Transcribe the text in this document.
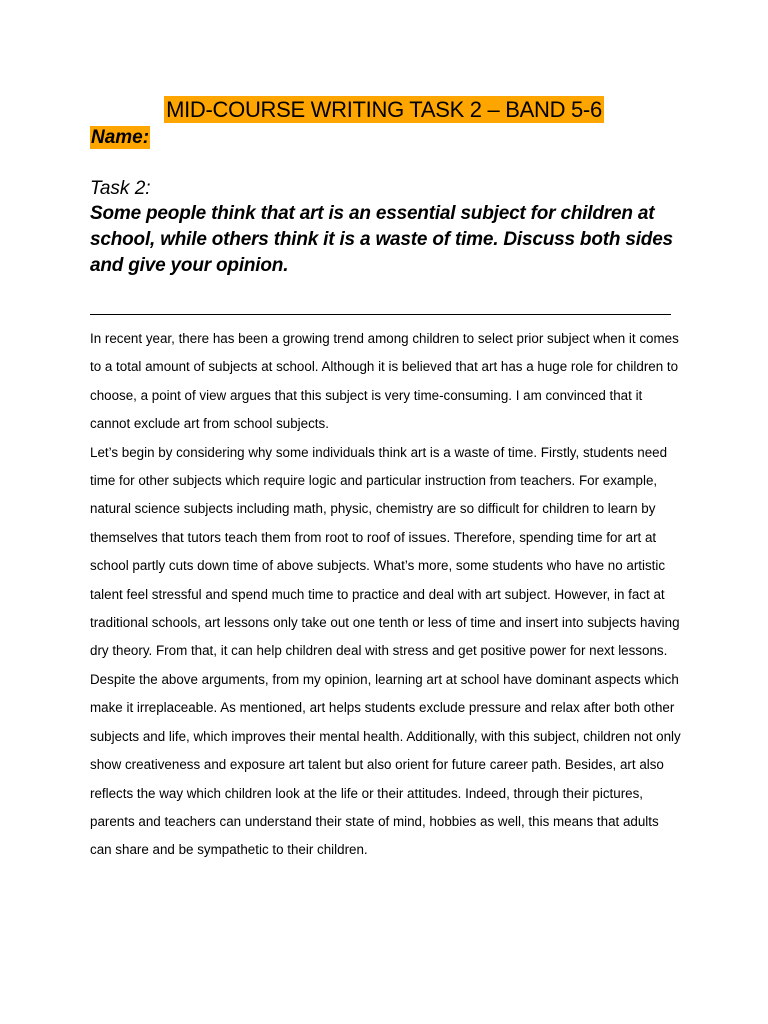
MID-COURSE WRITING TASK 2 – BAND 5-6
Name:
Task 2:
Some people think that art is an essential subject for children at school, while others think it is a waste of time. Discuss both sides and give your opinion.

In recent year, there has been a growing trend among children to select prior subject when it comes to a total amount of subjects at school. Although it is believed that art has a huge role for children to choose, a point of view argues that this subject is very time-consuming. I am convinced that it cannot exclude art from school subjects.

Let’s begin by considering why some individuals think art is a waste of time. Firstly, students need time for other subjects which require logic and particular instruction from teachers. For example, natural science subjects including math, physic, chemistry are so difficult for children to learn by themselves that tutors teach them from root to roof of issues. Therefore, spending time for art at school partly cuts down time of above subjects. What’s more, some students who have no artistic talent feel stressful and spend much time to practice and deal with art subject. However, in fact at traditional schools, art lessons only take out one tenth or less of time and insert into subjects having dry theory. From that, it can help children deal with stress and get positive power for next lessons.

Despite the above arguments, from my opinion, learning art at school have dominant aspects which make it irreplaceable. As mentioned, art helps students exclude pressure and relax after both other subjects and life, which improves their mental health. Additionally, with this subject, children not only show creativeness and exposure art talent but also orient for future career path. Besides, art also reflects the way which children look at the life or their attitudes. Indeed, through their pictures, parents and teachers can understand their state of mind, hobbies as well, this means that adults can share and be sympathetic to their children.
